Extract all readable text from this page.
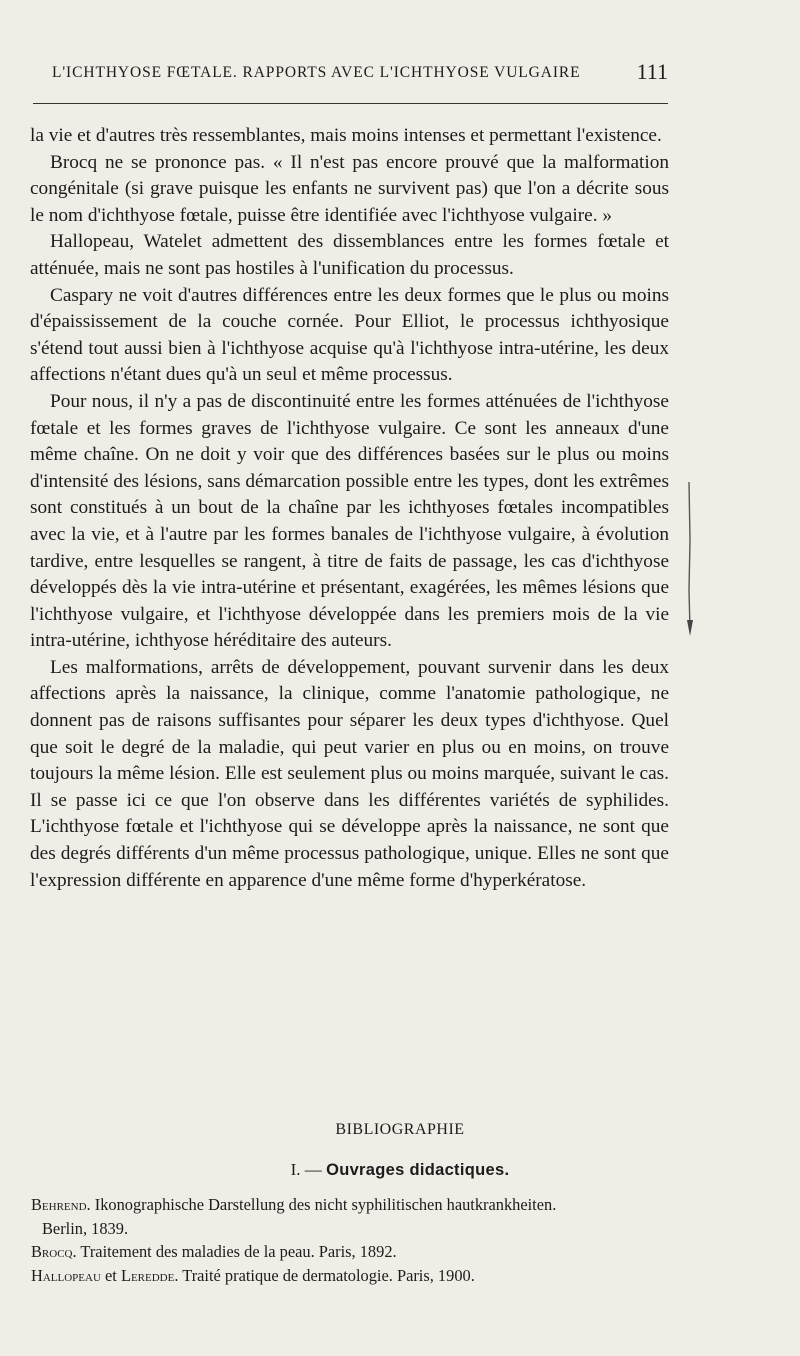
L'ICHTHYOSE FŒTALE. RAPPORTS AVEC L'ICHTHYOSE VULGAIRE	111

la vie et d'autres très ressemblantes, mais moins intenses et permettant l'existence.

Brocq ne se prononce pas. « Il n'est pas encore prouvé que la malformation congénitale (si grave puisque les enfants ne survivent pas) que l'on a décrite sous le nom d'ichthyose fœtale, puisse être identifiée avec l'ichthyose vulgaire. »

Hallopeau, Watelet admettent des dissemblances entre les formes fœtale et atténuée, mais ne sont pas hostiles à l'unification du processus.

Caspary ne voit d'autres différences entre les deux formes que le plus ou moins d'épaississement de la couche cornée. Pour Elliot, le processus ichthyosique s'étend tout aussi bien à l'ichthyose acquise qu'à l'ichthyose intra-utérine, les deux affections n'étant dues qu'à un seul et même processus.

Pour nous, il n'y a pas de discontinuité entre les formes atténuées de l'ichthyose fœtale et les formes graves de l'ichthyose vulgaire. Ce sont les anneaux d'une même chaîne. On ne doit y voir que des différences basées sur le plus ou moins d'intensité des lésions, sans démarcation possible entre les types, dont les extrêmes sont constitués à un bout de la chaîne par les ichthyoses fœtales incompatibles avec la vie, et à l'autre par les formes banales de l'ichthyose vulgaire, à évolution tardive, entre lesquelles se rangent, à titre de faits de passage, les cas d'ichthyose développés dès la vie intra-utérine et présentant, exagérées, les mêmes lésions que l'ichthyose vulgaire, et l'ichthyose développée dans les premiers mois de la vie intra-utérine, ichthyose héréditaire des auteurs.

Les malformations, arrêts de développement, pouvant survenir dans les deux affections après la naissance, la clinique, comme l'anatomie pathologique, ne donnent pas de raisons suffisantes pour séparer les deux types d'ichthyose. Quel que soit le degré de la maladie, qui peut varier en plus ou en moins, on trouve toujours la même lésion. Elle est seulement plus ou moins marquée, suivant le cas. Il se passe ici ce que l'on observe dans les différentes variétés de syphilides. L'ichthyose fœtale et l'ichthyose qui se développe après la naissance, ne sont que des degrés différents d'un même processus pathologique, unique. Elles ne sont que l'expression différente en apparence d'une même forme d'hyperkératose.

BIBLIOGRAPHIE
I. — Ouvrages didactiques.

Behrend. Ikonographische Darstellung des nicht syphilitischen hautkrankheiten.
Berlin, 1839.

Brocq. Traitement des maladies de la peau. Paris, 1892.

Hallopeau et Leredde. Traité pratique de dermatologie. Paris, 1900.
